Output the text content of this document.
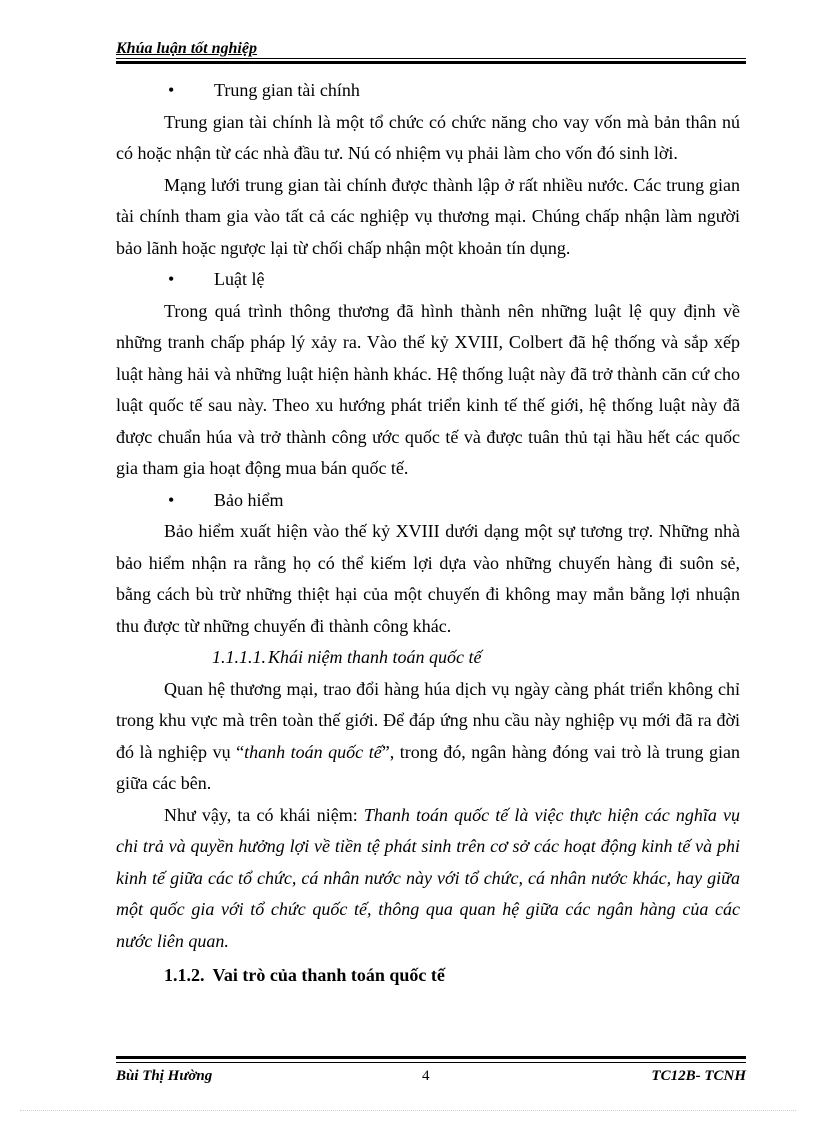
Khúa luận tốt nghiệp

• Trung gian tài chính

Trung gian tài chính là một tổ chức có chức năng cho vay vốn mà bản thân nú có hoặc nhận từ các nhà đầu tư. Nú có nhiệm vụ phải làm cho vốn đó sinh lời.

Mạng lưới trung gian tài chính được thành lập ở rất nhiều nước. Các trung gian tài chính tham gia vào tất cả các nghiệp vụ thương mại. Chúng chấp nhận làm người bảo lãnh hoặc ngược lại từ chối chấp nhận một khoản tín dụng.

• Luật lệ

Trong quá trình thông thương đã hình thành nên những luật lệ quy định về những tranh chấp pháp lý xảy ra. Vào thế kỷ XVIII, Colbert đã hệ thống và sắp xếp luật hàng hải và những luật hiện hành khác. Hệ thống luật này đã trở thành căn cứ cho luật quốc tế sau này. Theo xu hướng phát triển kinh tế thế giới, hệ thống luật này đã được chuẩn húa và trở thành công ước quốc tế và được tuân thủ tại hầu hết các quốc gia tham gia hoạt động mua bán quốc tế.

• Bảo hiểm

Bảo hiểm xuất hiện vào thế kỷ XVIII dưới dạng một sự tương trợ. Những nhà bảo hiểm nhận ra rằng họ có thể kiếm lợi dựa vào những chuyến hàng đi suôn sẻ, bằng cách bù trừ những thiệt hại của một chuyến đi không may mắn bằng lợi nhuận thu được từ những chuyến đi thành công khác.

1.1.1.1. Khái niệm thanh toán quốc tế

Quan hệ thương mại, trao đổi hàng húa dịch vụ ngày càng phát triển không chỉ trong khu vực mà trên toàn thế giới. Để đáp ứng nhu cầu này nghiệp vụ mới đã ra đời đó là nghiệp vụ “thanh toán quốc tế”, trong đó, ngân hàng đóng vai trò là trung gian giữa các bên.

Như vậy, ta có khái niệm: Thanh toán quốc tế là việc thực hiện các nghĩa vụ chi trả và quyền hưởng lợi về tiền tệ phát sinh trên cơ sở các hoạt động kinh tế và phi kinh tế giữa các tổ chức, cá nhân nước này với tổ chức, cá nhân nước khác, hay giữa một quốc gia với tổ chức quốc tế, thông qua quan hệ giữa các ngân hàng của các nước liên quan.

1.1.2. Vai trò của thanh toán quốc tế

Bùi Thị Hường	4	TC12B- TCNH
